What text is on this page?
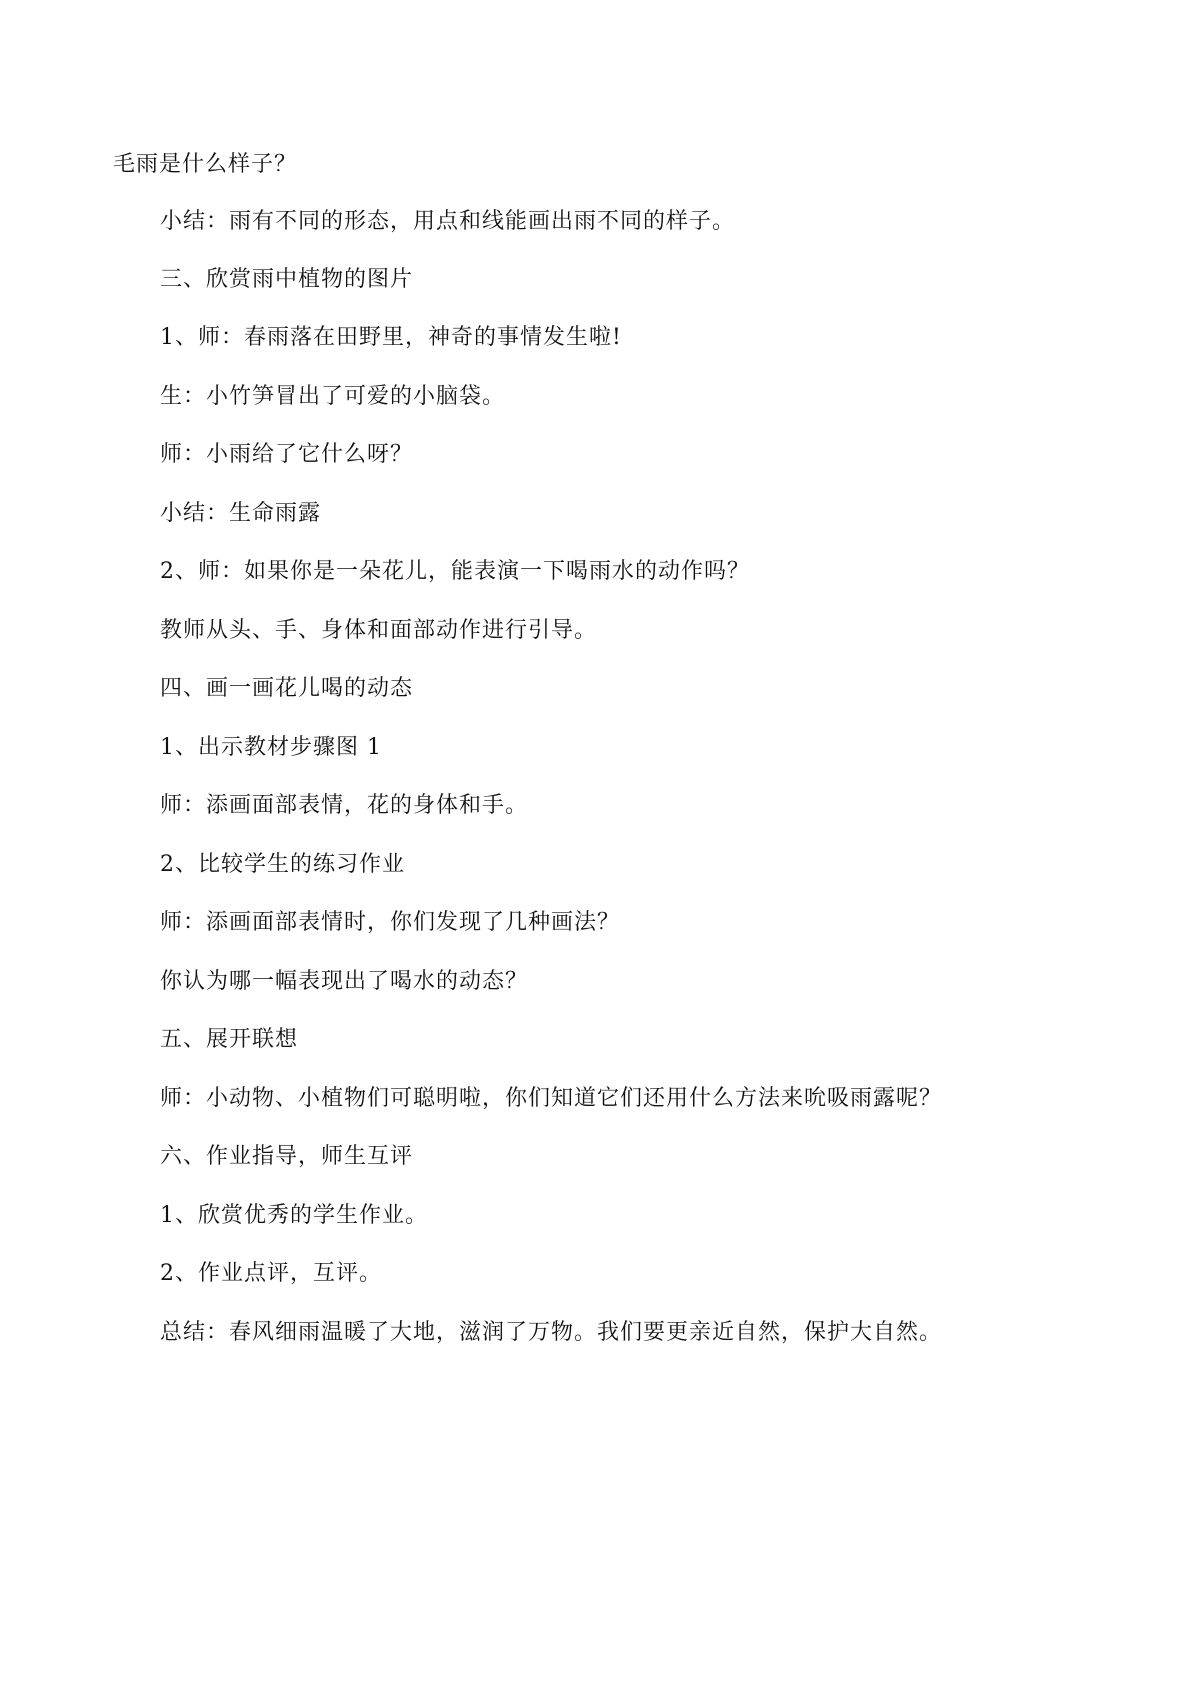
毛雨是什么样子？
小结：雨有不同的形态，用点和线能画出雨不同的样子。
三、欣赏雨中植物的图片
1、师：春雨落在田野里，神奇的事情发生啦!
生：小竹笋冒出了可爱的小脑袋。
师：小雨给了它什么呀？
小结：生命雨露
2、师：如果你是一朵花儿，能表演一下喝雨水的动作吗？
教师从头、手、身体和面部动作进行引导。
四、画一画花儿喝的动态
1、出示教材步骤图 1
师：添画面部表情，花的身体和手。
2、比较学生的练习作业
师：添画面部表情时，你们发现了几种画法？
你认为哪一幅表现出了喝水的动态？
五、展开联想
师：小动物、小植物们可聪明啦，你们知道它们还用什么方法来吮吸雨露呢？
六、作业指导，师生互评
1、欣赏优秀的学生作业。
2、作业点评，互评。
总结：春风细雨温暖了大地，滋润了万物。我们要更亲近自然，保护大自然。
